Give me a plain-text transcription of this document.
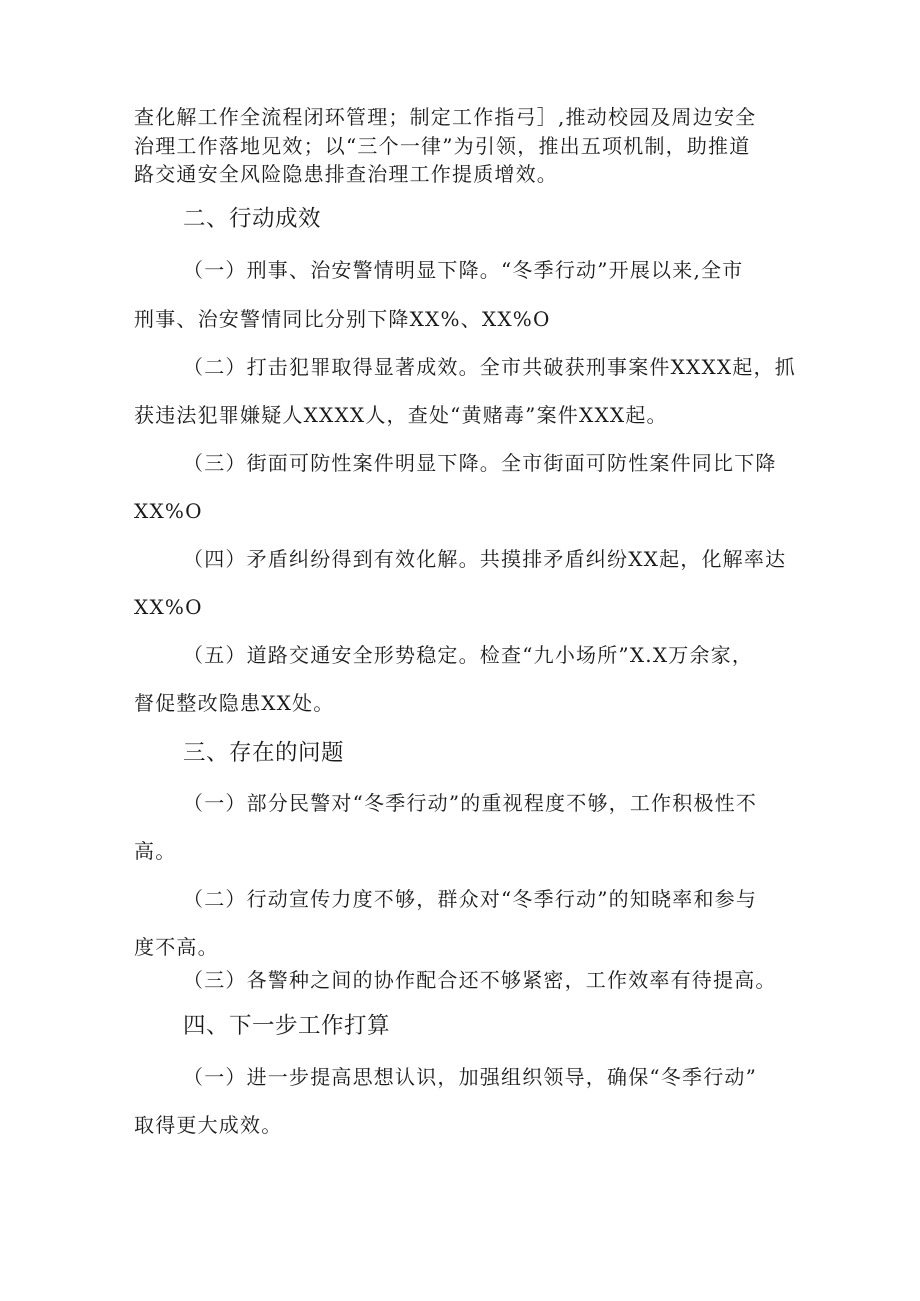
查化解工作全流程闭环管理；制定工作指弓］,推动校园及周边安全
治理工作落地见效；以“三个一律”为引领，推出五项机制，助推道
路交通安全风险隐患排查治理工作提质增效。
二、行动成效
（一）刑事、治安警情明显下降。“冬季行动”开展以来,全市
刑事、治安警情同比分别下降XX%、XX%O
（二）打击犯罪取得显著成效。全市共破获刑事案件XXXX起，抓
获违法犯罪嫌疑人XXXX人，查处“黄赌毒”案件XXX起。
（三）街面可防性案件明显下降。全市街面可防性案件同比下降
XX%O
（四）矛盾纠纷得到有效化解。共摸排矛盾纠纷XX起，化解率达
XX%O
（五）道路交通安全形势稳定。检查“九小场所”X.X万余家，
督促整改隐患XX处。
三、存在的问题
（一）部分民警对“冬季行动”的重视程度不够，工作积极性不
高。
（二）行动宣传力度不够，群众对“冬季行动”的知晓率和参与
度不高。
（三）各警种之间的协作配合还不够紧密，工作效率有待提高。
四、下一步工作打算
（一）进一步提高思想认识，加强组织领导，确保“冬季行动”
取得更大成效。
